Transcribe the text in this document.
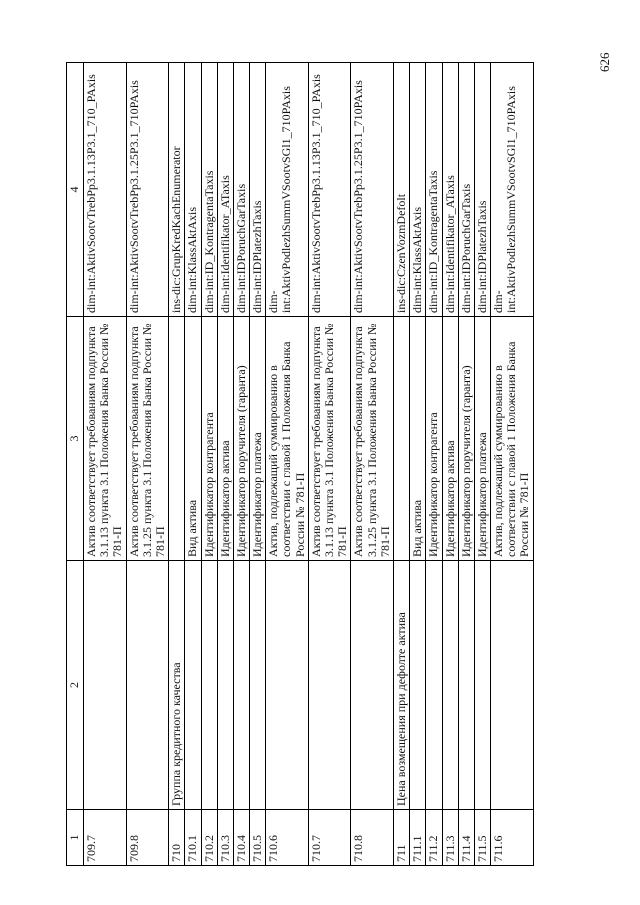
626
1	2	3	4
709.7		Актив соответствует требованиям подпункта 3.1.13 пункта 3.1 Положения Банка России № 781-П	dim-int:AktivSootvTrebPp3.1.13P3.1_710_PAxis
709.8		Актив соответствует требованиям подпункта 3.1.25 пункта 3.1 Положения Банка России № 781-П	dim-int:AktivSootvTrebPp3.1.25P3.1_710PAxis
710	Группа кредитного качества		ins-dic:GrupKredKachEnumerator
710.1		Вид актива	dim-int:KlassAktAxis
710.2		Идентификатор контрагента	dim-int:ID_KontragentaTaxis
710.3		Идентификатор актива	dim-int:Identifikator_ATaxis
710.4		Идентификатор поручителя (гаранта)	dim-int:IDPoruchGarTaxis
710.5		Идентификатор платежа	dim-int:IDPlatezhTaxis
710.6		Актив, подлежащий суммированию в соответствии с главой 1 Положения Банка России № 781-П	dim-int:AktivPodlezhSummVSootvSGl1_710PAxis
710.7		Актив соответствует требованиям подпункта 3.1.13 пункта 3.1 Положения Банка России № 781-П	dim-int:AktivSootvTrebPp3.1.13P3.1_710_PAxis
710.8		Актив соответствует требованиям подпункта 3.1.25 пункта 3.1 Положения Банка России № 781-П	dim-int:AktivSootvTrebPp3.1.25P3.1_710PAxis
711	Цена возмещения при дефолте актива		ins-dic:CzenVozmDefolt
711.1		Вид актива	dim-int:KlassAktAxis
711.2		Идентификатор контрагента	dim-int:ID_KontragentaTaxis
711.3		Идентификатор актива	dim-int:Identifikator_ATaxis
711.4		Идентификатор поручителя (гаранта)	dim-int:IDPoruchGarTaxis
711.5		Идентификатор платежа	dim-int:IDPlatezhTaxis
711.6		Актив, подлежащий суммированию в соответствии с главой 1 Положения Банка России № 781-П	dim-int:AktivPodlezhSummVSootvSGl1_710PAxis
